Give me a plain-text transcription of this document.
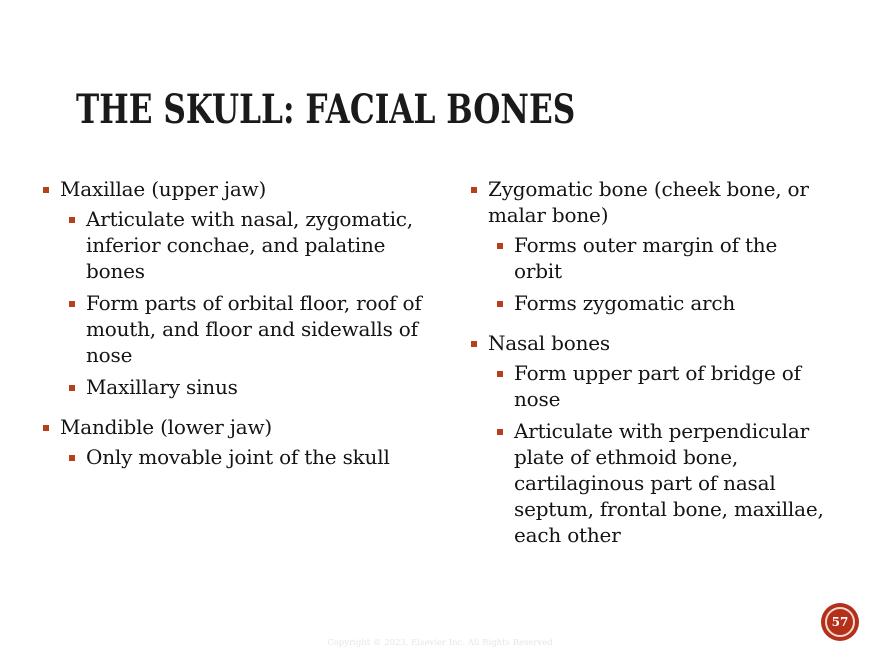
THE SKULL: FACIAL BONES
Maxillae (upper jaw)
Articulate with nasal, zygomatic, inferior conchae, and palatine bones
Form parts of orbital floor, roof of mouth, and floor and sidewalls of nose
Maxillary sinus
Mandible (lower jaw)
Only movable joint of the skull
Zygomatic bone (cheek bone, or malar bone)
Forms outer margin of the orbit
Forms zygomatic arch
Nasal bones
Form upper part of bridge of nose
Articulate with perpendicular plate of ethmoid bone, cartilaginous part of nasal septum, frontal bone, maxillae, each other
57
Copyright © 2023, Elsevier Inc. All Rights Reserved
